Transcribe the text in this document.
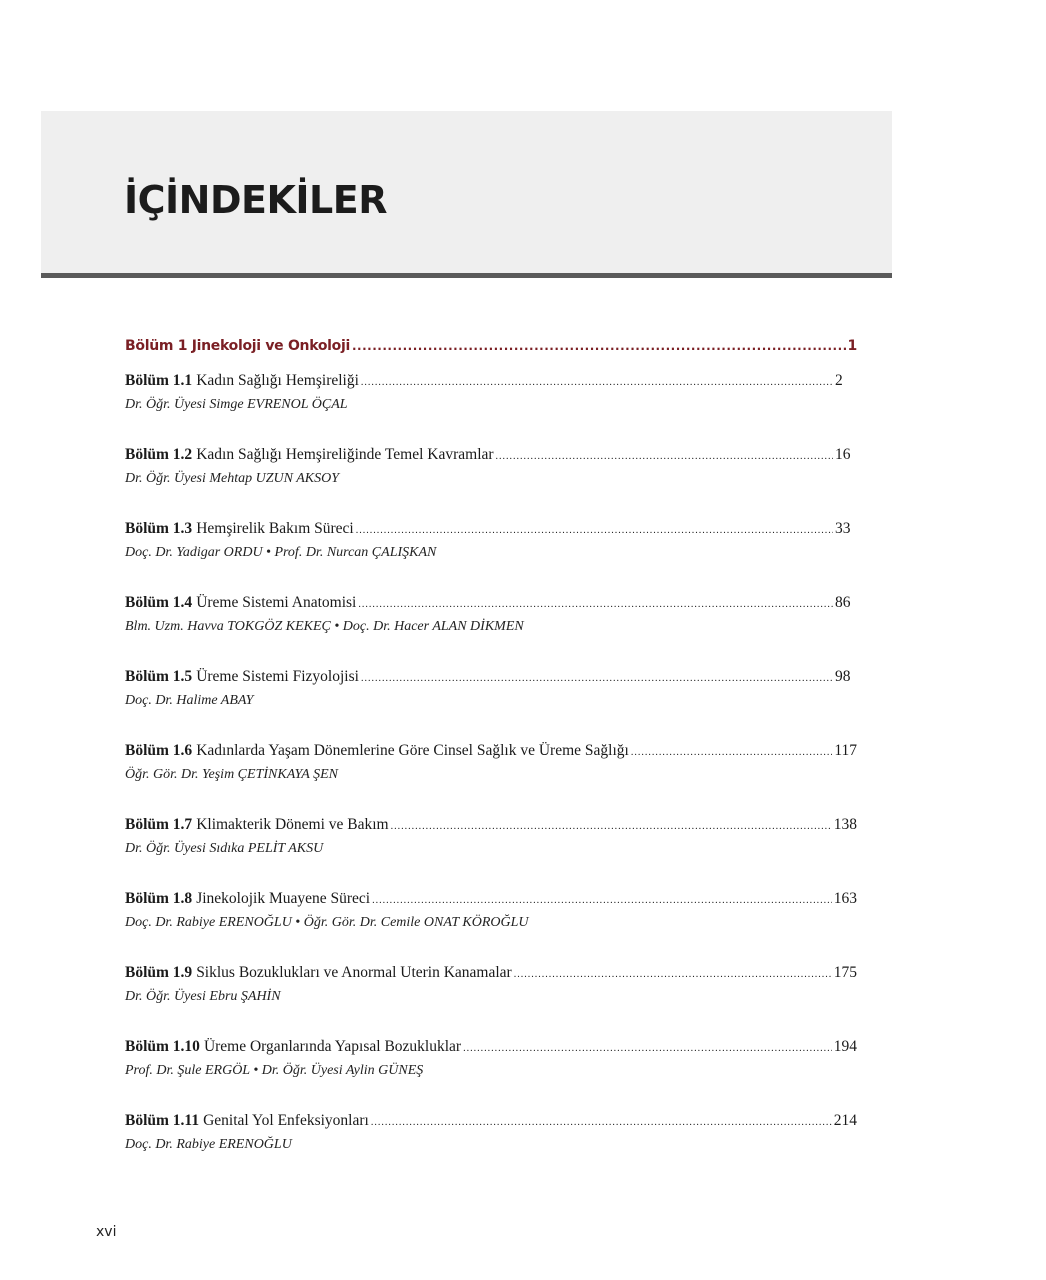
İÇİNDEKİLER
Bölüm 1 Jinekoloji ve Onkoloji .....	1
Bölüm 1.1 Kadın Sağlığı Hemşireliği .....	2
Dr. Öğr. Üyesi Simge EVRENOL ÖÇAL
Bölüm 1.2 Kadın Sağlığı Hemşireliğinde Temel Kavramlar .....	16
Dr. Öğr. Üyesi Mehtap UZUN AKSOY
Bölüm 1.3 Hemşirelik Bakım Süreci .....	33
Doç. Dr. Yadigar ORDU • Prof. Dr. Nurcan ÇALIŞKAN
Bölüm 1.4 Üreme Sistemi Anatomisi .....	86
Blm. Uzm. Havva TOKGÖZ KEKEÇ • Doç. Dr. Hacer ALAN DİKMEN
Bölüm 1.5 Üreme Sistemi Fizyolojisi .....	98
Doç. Dr. Halime ABAY
Bölüm 1.6 Kadınlarda Yaşam Dönemlerine Göre Cinsel Sağlık ve Üreme Sağlığı .....	117
Öğr. Gör. Dr. Yeşim ÇETİNKAYA ŞEN
Bölüm 1.7 Klimakterik Dönemi ve Bakım .....	138
Dr. Öğr. Üyesi Sıdıka PELİT AKSU
Bölüm 1.8 Jinekolojik Muayene Süreci .....	163
Doç. Dr. Rabiye ERENOĞLU • Öğr. Gör. Dr. Cemile ONAT KÖROĞLU
Bölüm 1.9 Siklus Bozuklukları ve Anormal Uterin Kanamalar .....	175
Dr. Öğr. Üyesi Ebru ŞAHİN
Bölüm 1.10 Üreme Organlarında Yapısal Bozukluklar .....	194
Prof. Dr. Şule ERGÖL • Dr. Öğr. Üyesi Aylin GÜNEŞ
Bölüm 1.11 Genital Yol Enfeksiyonları .....	214
Doç. Dr. Rabiye ERENOĞLU
xvi
